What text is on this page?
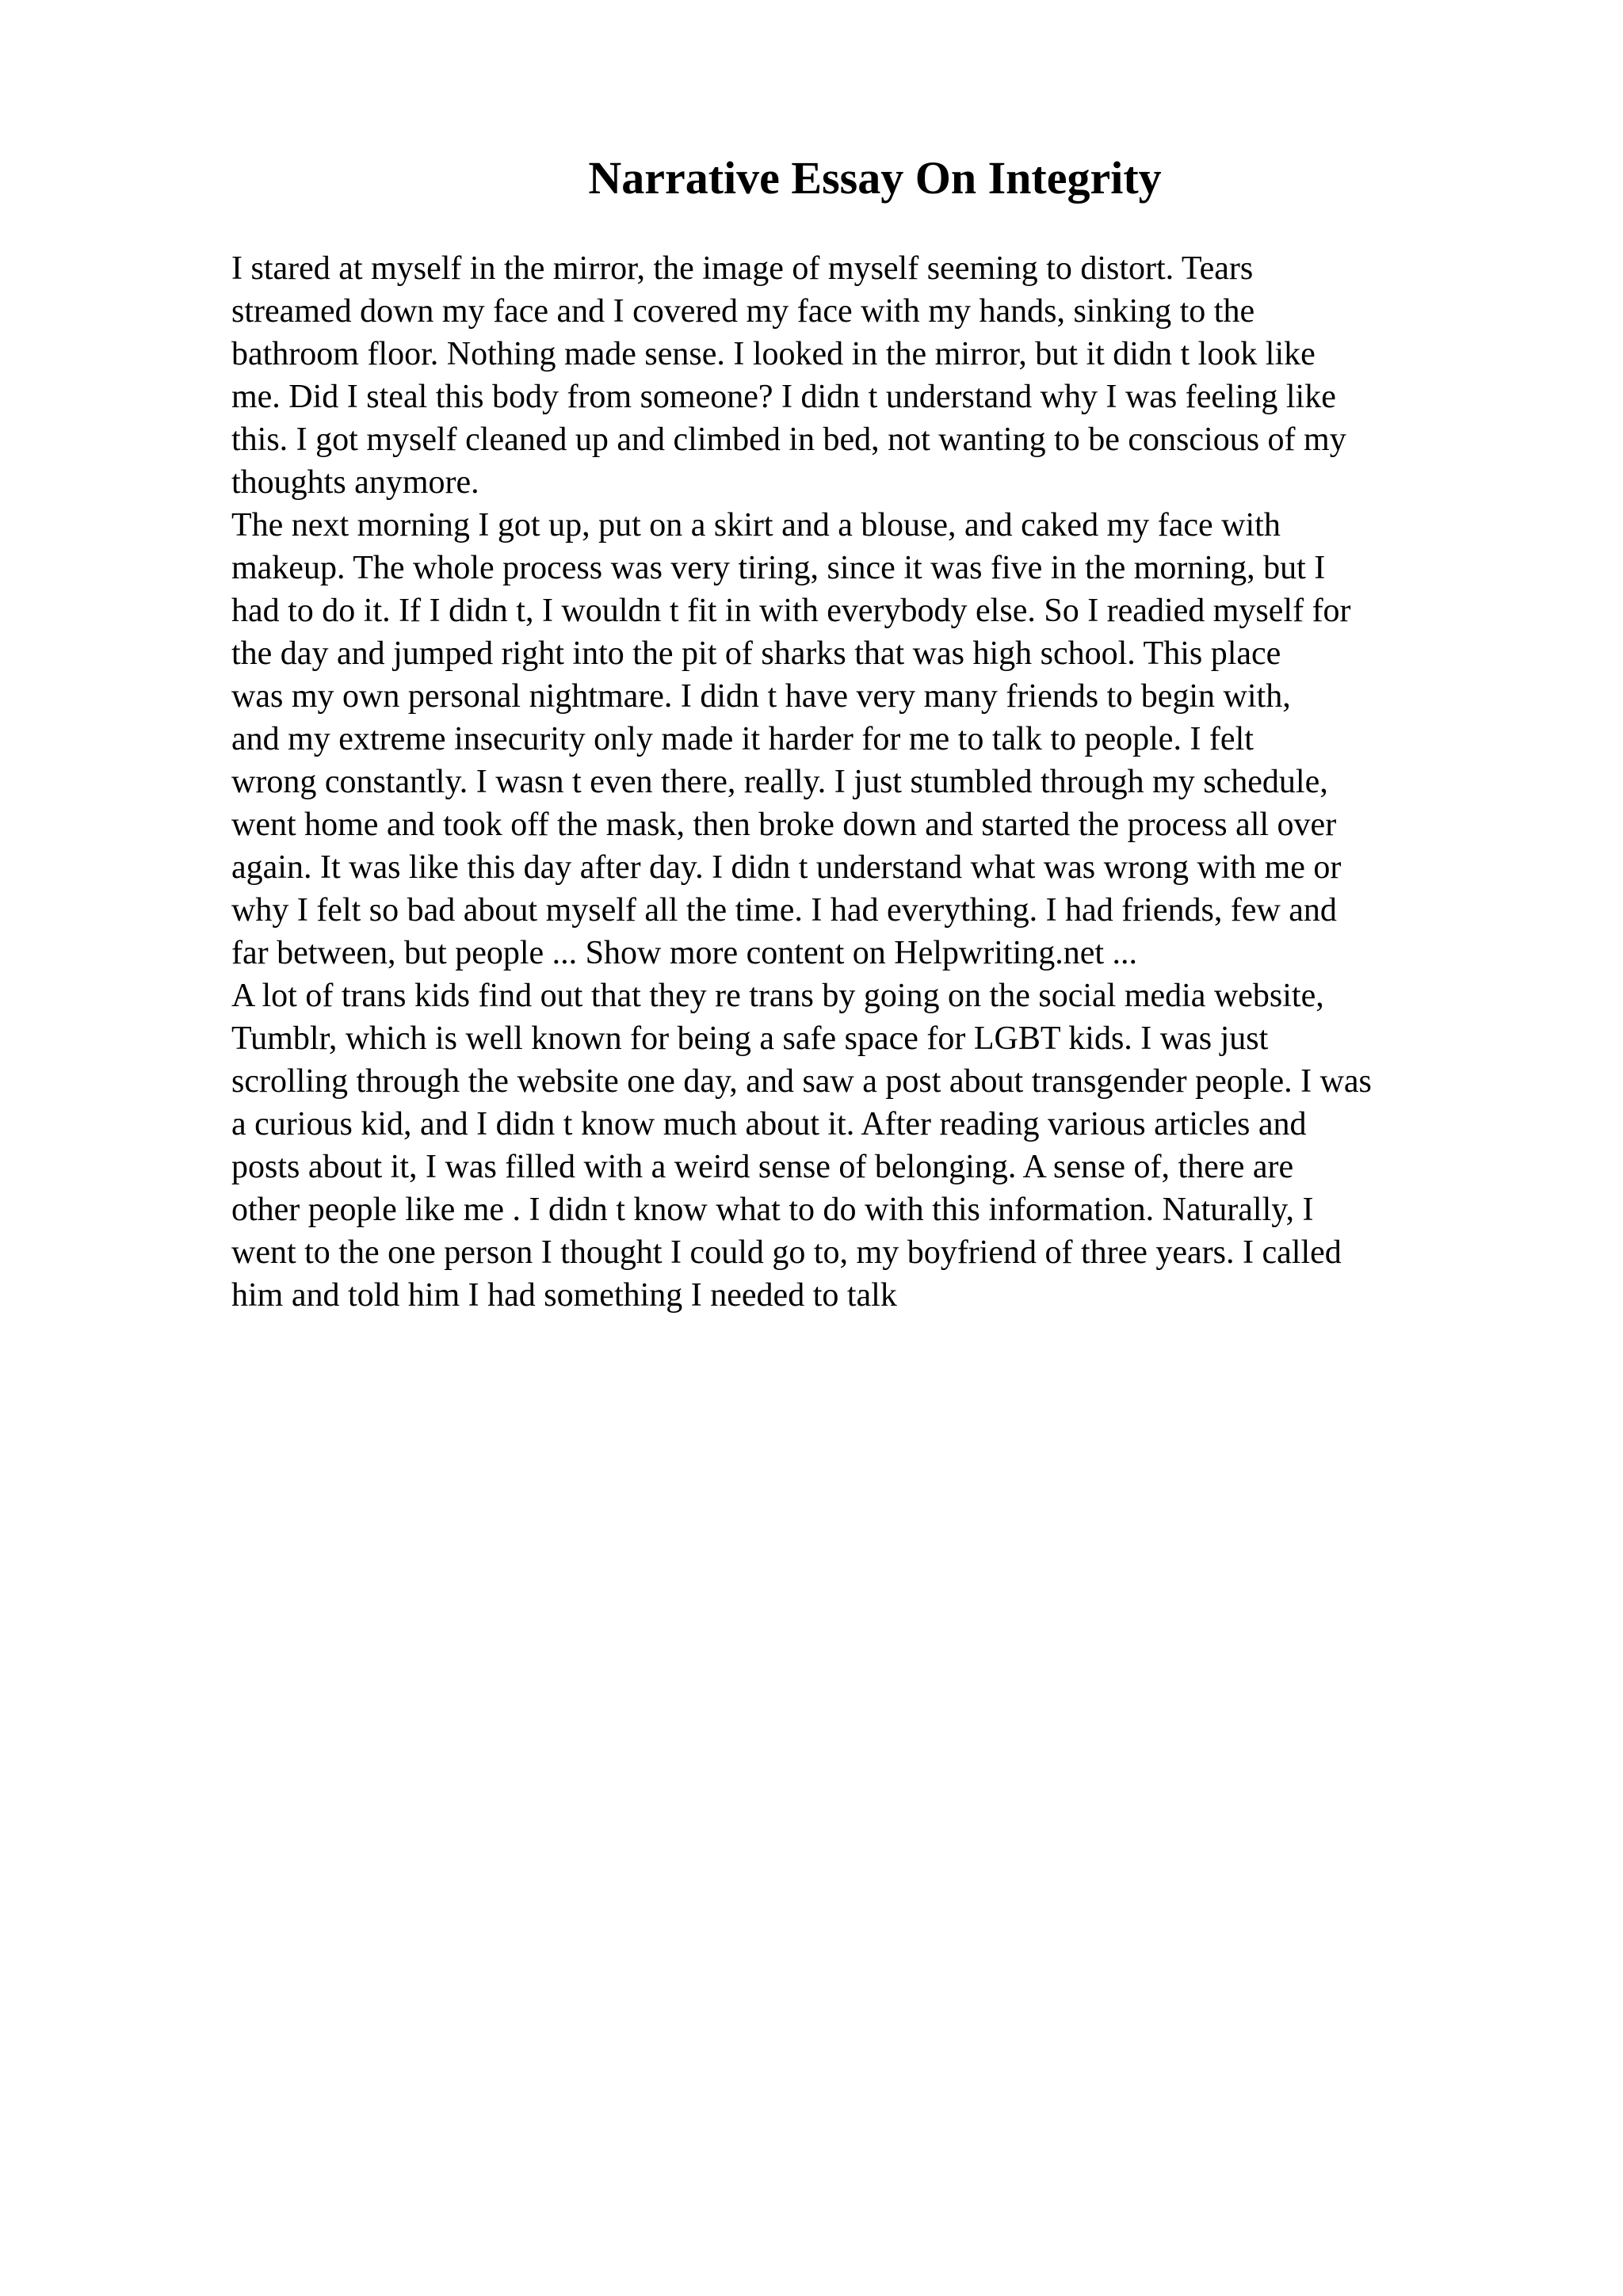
Narrative Essay On Integrity
I stared at myself in the mirror, the image of myself seeming to distort. Tears
streamed down my face and I covered my face with my hands, sinking to the
bathroom floor. Nothing made sense. I looked in the mirror, but it didn t look like
me. Did I steal this body from someone? I didn t understand why I was feeling like
this. I got myself cleaned up and climbed in bed, not wanting to be conscious of my
thoughts anymore.
The next morning I got up, put on a skirt and a blouse, and caked my face with
makeup. The whole process was very tiring, since it was five in the morning, but I
had to do it. If I didn t, I wouldn t fit in with everybody else. So I readied myself for
the day and jumped right into the pit of sharks that was high school. This place
was my own personal nightmare. I didn t have very many friends to begin with,
and my extreme insecurity only made it harder for me to talk to people. I felt
wrong constantly. I wasn t even there, really. I just stumbled through my schedule,
went home and took off the mask, then broke down and started the process all over
again. It was like this day after day. I didn t understand what was wrong with me or
why I felt so bad about myself all the time. I had everything. I had friends, few and
far between, but people ... Show more content on Helpwriting.net ...
A lot of trans kids find out that they re trans by going on the social media website,
Tumblr, which is well known for being a safe space for LGBT kids. I was just
scrolling through the website one day, and saw a post about transgender people. I was
a curious kid, and I didn t know much about it. After reading various articles and
posts about it, I was filled with a weird sense of belonging. A sense of, there are
other people like me . I didn t know what to do with this information. Naturally, I
went to the one person I thought I could go to, my boyfriend of three years. I called
him and told him I had something I needed to talk
